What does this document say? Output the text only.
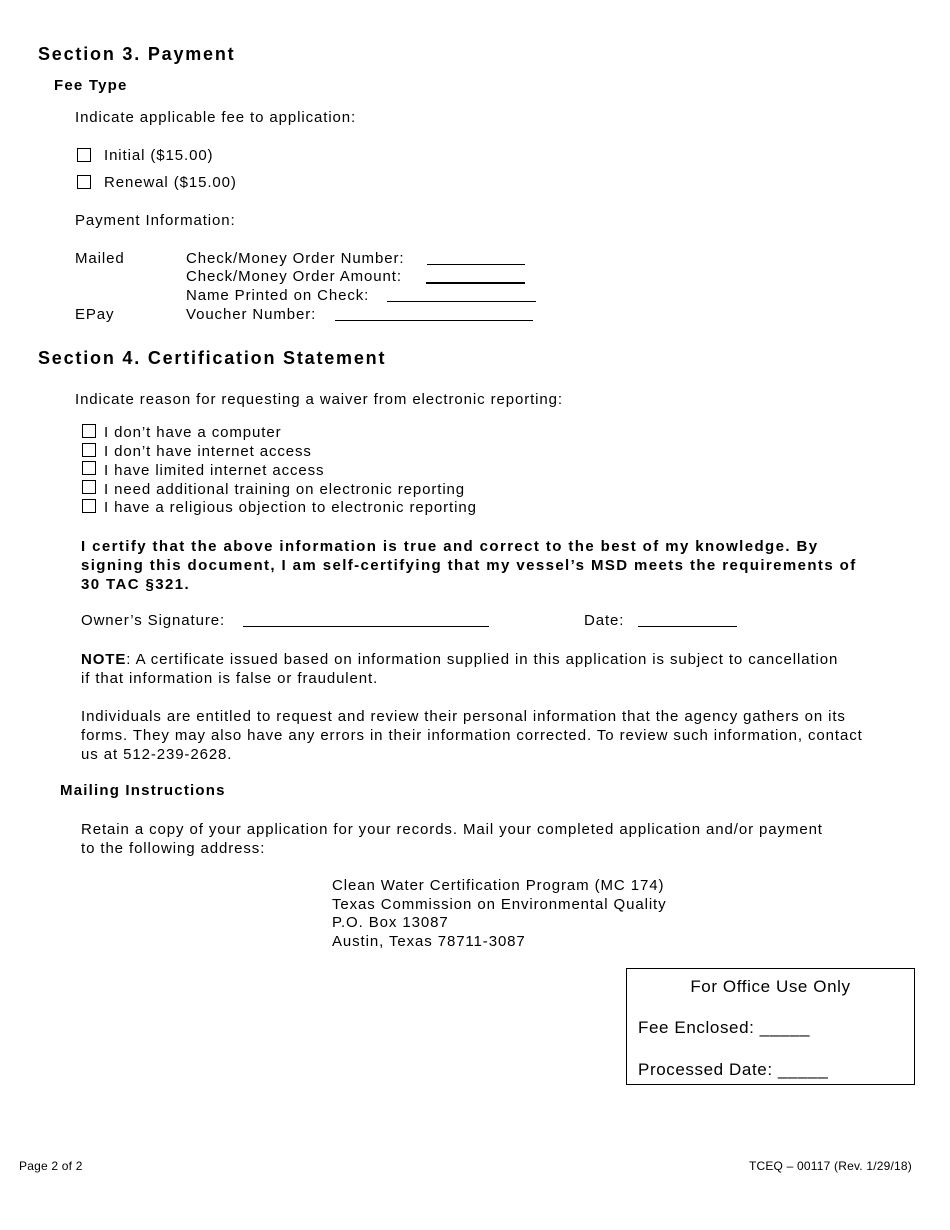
Section 3. Payment
Fee Type
Indicate applicable fee to application:
Initial ($15.00)
Renewal ($15.00)
Payment Information:
Mailed	Check/Money Order Number:
Check/Money Order Amount:
Name Printed on Check:
EPay	Voucher Number:
Section 4. Certification Statement
Indicate reason for requesting a waiver from electronic reporting:
I don’t have a computer
I don’t have internet access
I have limited internet access
I need additional training on electronic reporting
I have a religious objection to electronic reporting
I certify that the above information is true and correct to the best of my knowledge. By signing this document, I am self-certifying that my vessel’s MSD meets the requirements of 30 TAC §321.
Owner’s Signature:	Date:
NOTE: A certificate issued based on information supplied in this application is subject to cancellation if that information is false or fraudulent.
Individuals are entitled to request and review their personal information that the agency gathers on its forms. They may also have any errors in their information corrected. To review such information, contact us at 512-239-2628.
Mailing Instructions
Retain a copy of your application for your records. Mail your completed application and/or payment to the following address:
Clean Water Certification Program (MC 174)
Texas Commission on Environmental Quality
P.O. Box 13087
Austin, Texas 78711-3087
For Office Use Only
Fee Enclosed: _____
Processed Date: _____
Page 2 of 2	TCEQ – 00117 (Rev. 1/29/18)
